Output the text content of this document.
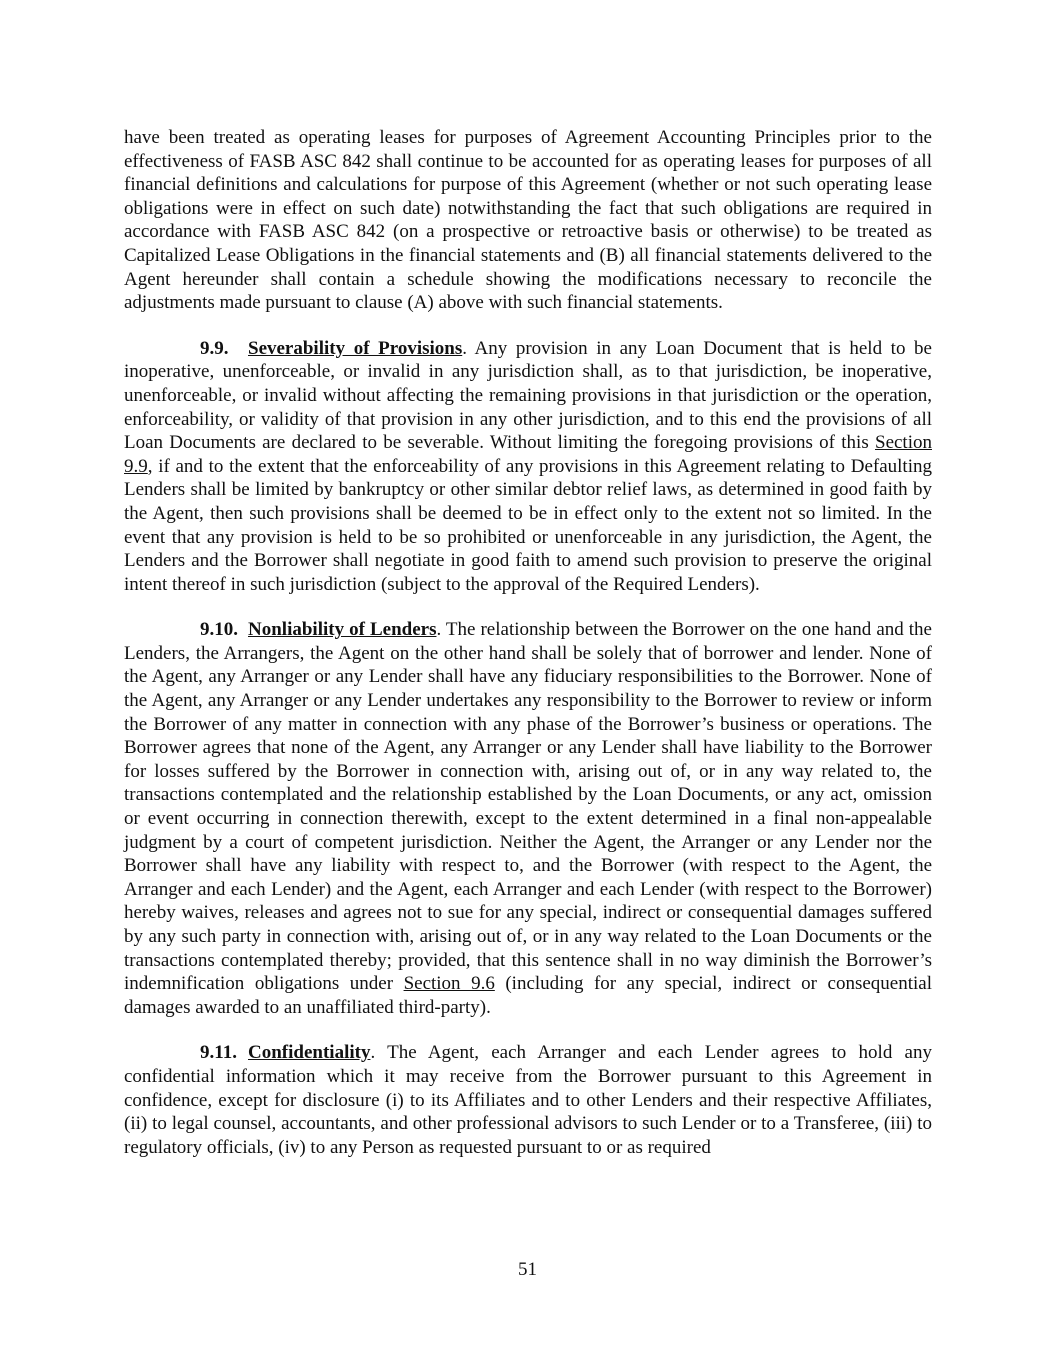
have been treated as operating leases for purposes of Agreement Accounting Principles prior to the effectiveness of FASB ASC 842 shall continue to be accounted for as operating leases for purposes of all financial definitions and calculations for purpose of this Agreement (whether or not such operating lease obligations were in effect on such date) notwithstanding the fact that such obligations are required in accordance with FASB ASC 842 (on a prospective or retroactive basis or otherwise) to be treated as Capitalized Lease Obligations in the financial statements and (B) all financial statements delivered to the Agent hereunder shall contain a schedule showing the modifications necessary to reconcile the adjustments made pursuant to clause (A) above with such financial statements.

9.9. Severability of Provisions. Any provision in any Loan Document that is held to be inoperative, unenforceable, or invalid in any jurisdiction shall, as to that jurisdiction, be inoperative, unenforceable, or invalid without affecting the remaining provisions in that jurisdiction or the operation, enforceability, or validity of that provision in any other jurisdiction, and to this end the provisions of all Loan Documents are declared to be severable. Without limiting the foregoing provisions of this Section 9.9, if and to the extent that the enforceability of any provisions in this Agreement relating to Defaulting Lenders shall be limited by bankruptcy or other similar debtor relief laws, as determined in good faith by the Agent, then such provisions shall be deemed to be in effect only to the extent not so limited. In the event that any provision is held to be so prohibited or unenforceable in any jurisdiction, the Agent, the Lenders and the Borrower shall negotiate in good faith to amend such provision to preserve the original intent thereof in such jurisdiction (subject to the approval of the Required Lenders).

9.10. Nonliability of Lenders. The relationship between the Borrower on the one hand and the Lenders, the Arrangers, the Agent on the other hand shall be solely that of borrower and lender. None of the Agent, any Arranger or any Lender shall have any fiduciary responsibilities to the Borrower. None of the Agent, any Arranger or any Lender undertakes any responsibility to the Borrower to review or inform the Borrower of any matter in connection with any phase of the Borrower’s business or operations. The Borrower agrees that none of the Agent, any Arranger or any Lender shall have liability to the Borrower for losses suffered by the Borrower in connection with, arising out of, or in any way related to, the transactions contemplated and the relationship established by the Loan Documents, or any act, omission or event occurring in connection therewith, except to the extent determined in a final non-appealable judgment by a court of competent jurisdiction. Neither the Agent, the Arranger or any Lender nor the Borrower shall have any liability with respect to, and the Borrower (with respect to the Agent, the Arranger and each Lender) and the Agent, each Arranger and each Lender (with respect to the Borrower) hereby waives, releases and agrees not to sue for any special, indirect or consequential damages suffered by any such party in connection with, arising out of, or in any way related to the Loan Documents or the transactions contemplated thereby; provided, that this sentence shall in no way diminish the Borrower’s indemnification obligations under Section 9.6 (including for any special, indirect or consequential damages awarded to an unaffiliated third-party).

9.11. Confidentiality. The Agent, each Arranger and each Lender agrees to hold any confidential information which it may receive from the Borrower pursuant to this Agreement in confidence, except for disclosure (i) to its Affiliates and to other Lenders and their respective Affiliates, (ii) to legal counsel, accountants, and other professional advisors to such Lender or to a Transferee, (iii) to regulatory officials, (iv) to any Person as requested pursuant to or as required

51
